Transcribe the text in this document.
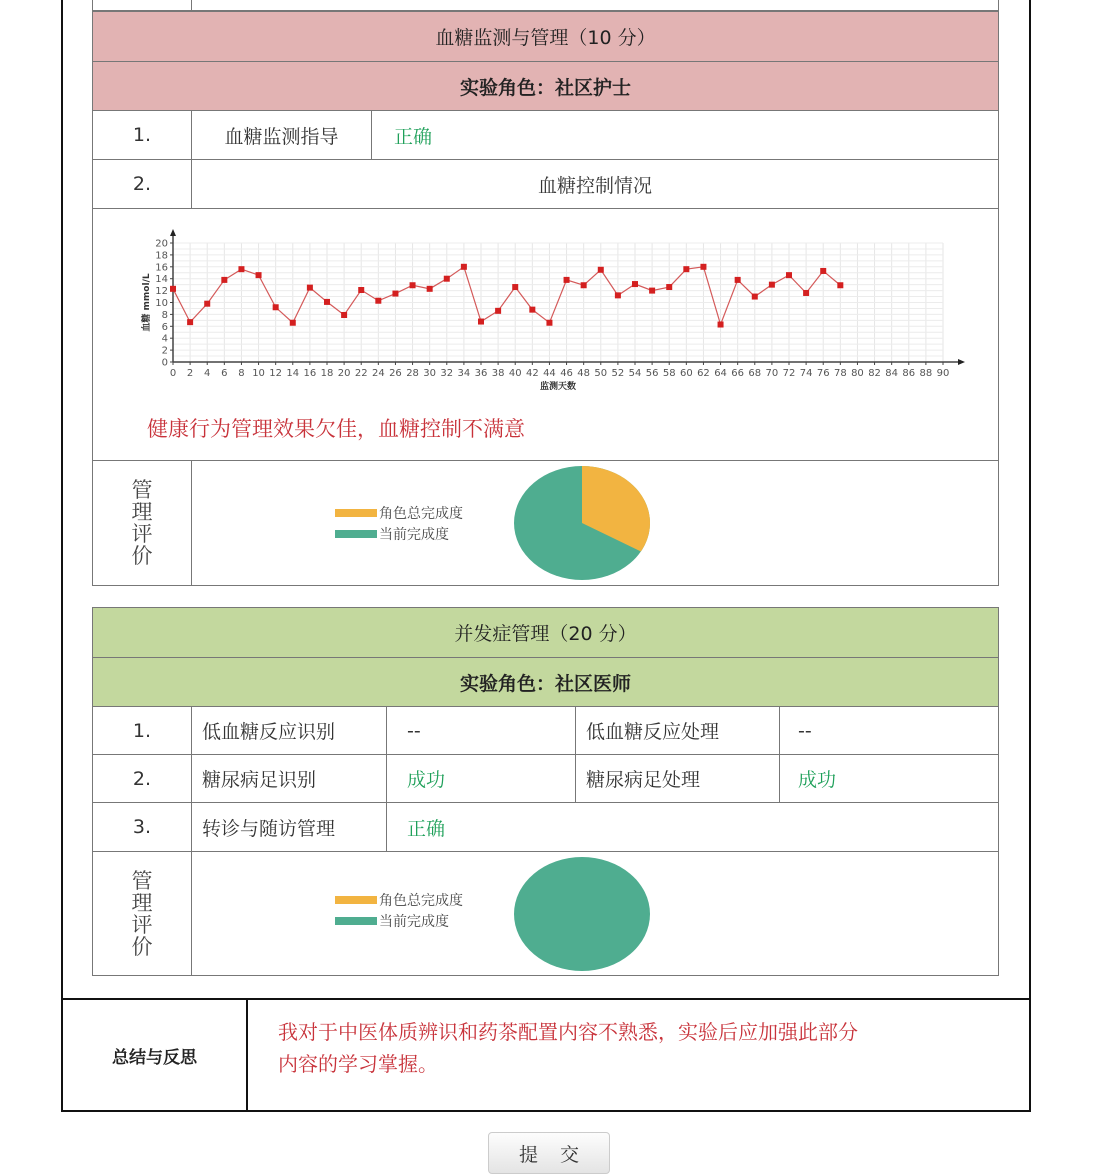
血糖监测与管理（10 分）
实验角色：社区护士
1.	血糖监测指导	正确
2.	血糖控制情况
0
2
4
6
8
10
12
14
16
18
20
0 2 4 6 8 10 12 14 16 18 20 22 24 26 28 30 32 34 36 38 40 42 44 46 48 50 52 54 56 58 60 62 64 66 68 70 72 74 76 78 80 82 84 86 88 90
监测天数
血糖 mmol/L
健康行为管理效果欠佳，血糖控制不满意
管
理
评
价
角色总完成度
当前完成度
并发症管理（20 分）
实验角色：社区医师
1.	低血糖反应识别	--	低血糖反应处理	--
2.	糖尿病足识别	成功	糖尿病足处理	成功
3.	转诊与随访管理	正确
管
理
评
价
角色总完成度
当前完成度
总结与反思
我对于中医体质辨识和药茶配置内容不熟悉，实验后应加强此部分
内容的学习掌握。
提交
